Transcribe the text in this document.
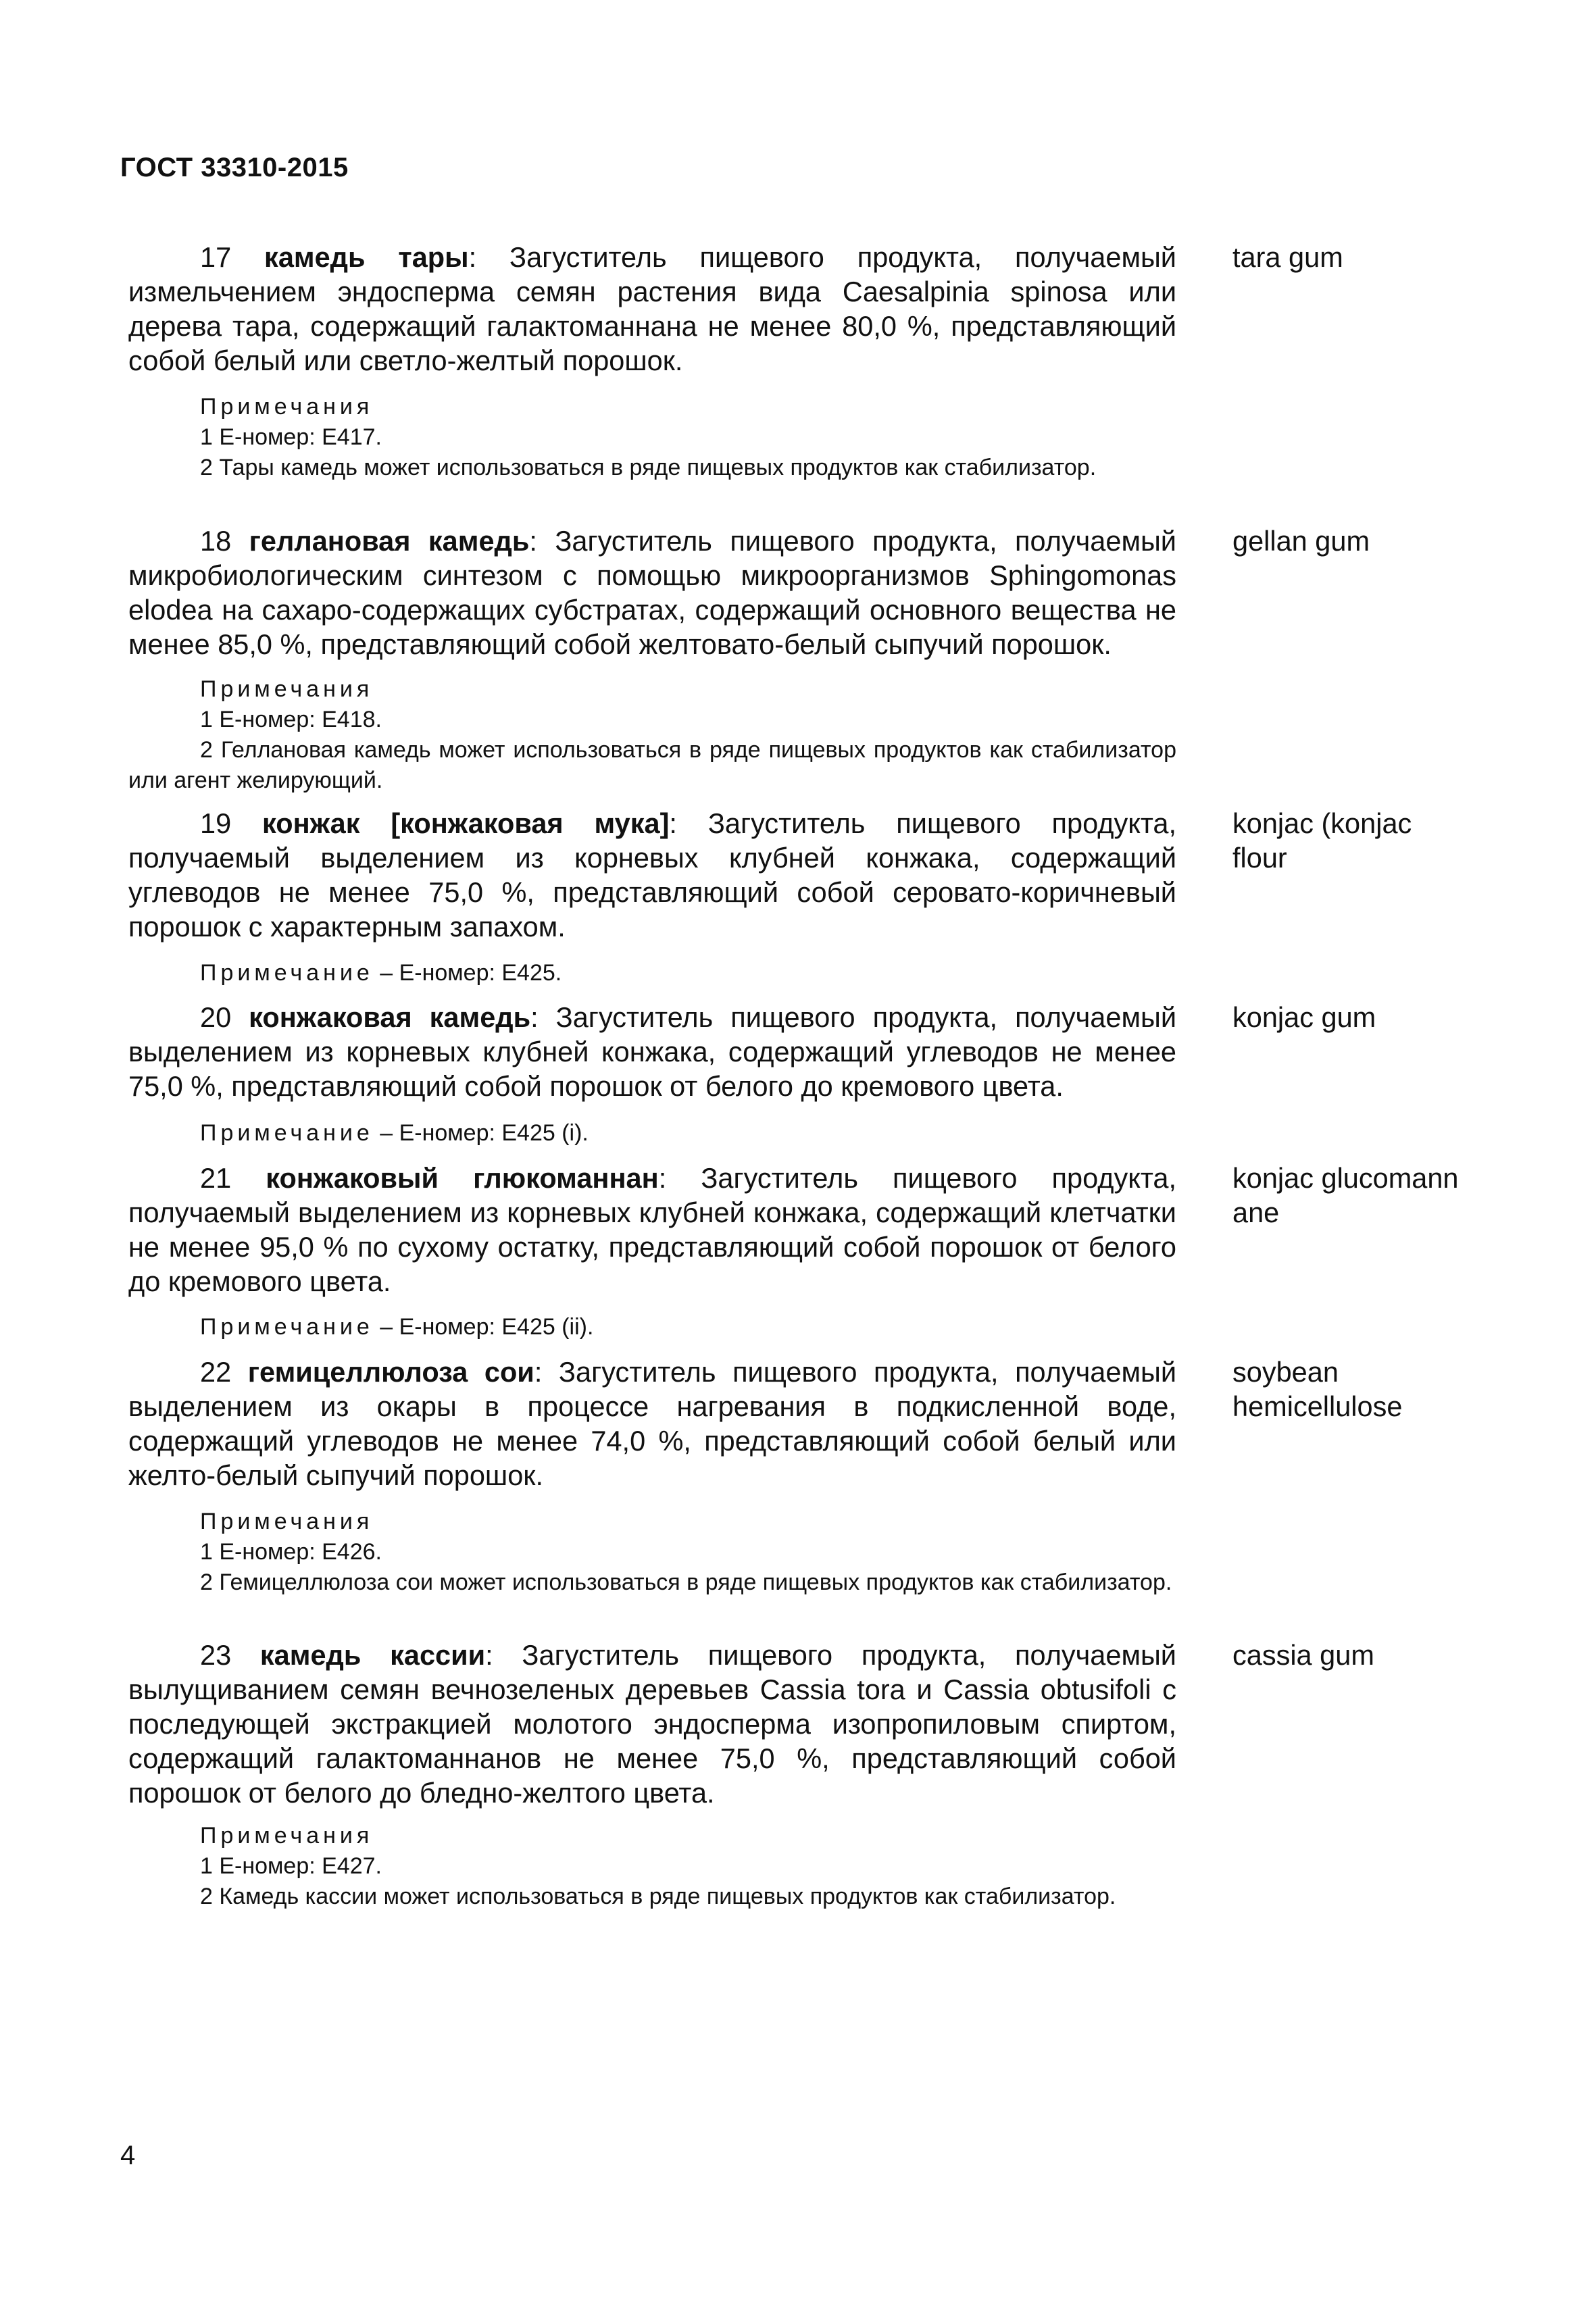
ГОСТ 33310-2015

17 камедь тары: Загуститель пищевого продукта, получаемый измельчением эндосперма семян растения вида Caesalpinia spinosa или дерева тара, содержащий галактоманнана не менее 80,0 %, представляющий собой белый или светло-желтый порошок.

tara gum

Примечания
1 E-номер: E417.
2 Тары камедь может использоваться в ряде пищевых продуктов как стабилизатор.

18 геллановая камедь: Загуститель пищевого продукта, получаемый микробиологическим синтезом с помощью микроорганизмов Sphingomonas elodea на сахаро-содержащих субстратах, содержащий основного вещества не менее 85,0 %, представляющий собой желтовато-белый сыпучий порошок.

gellan gum

Примечания
1 E-номер: E418.
2 Геллановая камедь может использоваться в ряде пищевых продуктов как стабилизатор или агент желирующий.

19 конжак [конжаковая мука]: Загуститель пищевого продукта, получаемый выделением из корневых клубней конжака, содержащий углеводов не менее 75,0 %, представляющий собой серовато-коричневый порошок с характерным запахом.

konjac (konjac flour

Примечание – E-номер: E425.

20 конжаковая камедь: Загуститель пищевого продукта, получаемый выделением из корневых клубней конжака, содержащий углеводов не менее 75,0 %, представляющий собой порошок от белого до кремового цвета.

konjac gum

Примечание – E-номер: E425 (i).

21 конжаковый глюкоманнан: Загуститель пищевого продукта, получаемый выделением из корневых клубней конжака, содержащий клетчатки не менее 95,0 % по сухому остатку, представляющий собой порошок от белого до кремового цвета.

konjac glucomannane

Примечание – E-номер: E425 (ii).

22 гемицеллюлоза сои: Загуститель пищевого продукта, получаемый выделением из окары в процессе нагревания в подкисленной воде, содержащий углеводов не менее 74,0 %, представляющий собой белый или желто-белый сыпучий порошок.

soybean hemicellulose

Примечания
1 E-номер: E426.
2 Гемицеллюлоза сои может использоваться в ряде пищевых продуктов как стабилизатор.

23 камедь кассии: Загуститель пищевого продукта, получаемый вылущиванием семян вечнозеленых деревьев Cassia tora и Cassia obtusifoli с последующей экстракцией молотого эндосперма изопропиловым спиртом, содержащий галактоманнанов не менее 75,0 %, представляющий собой порошок от белого до бледно-желтого цвета.

cassia gum

Примечания
1 E-номер: E427.
2 Камедь кассии может использоваться в ряде пищевых продуктов как стабилизатор.
4
